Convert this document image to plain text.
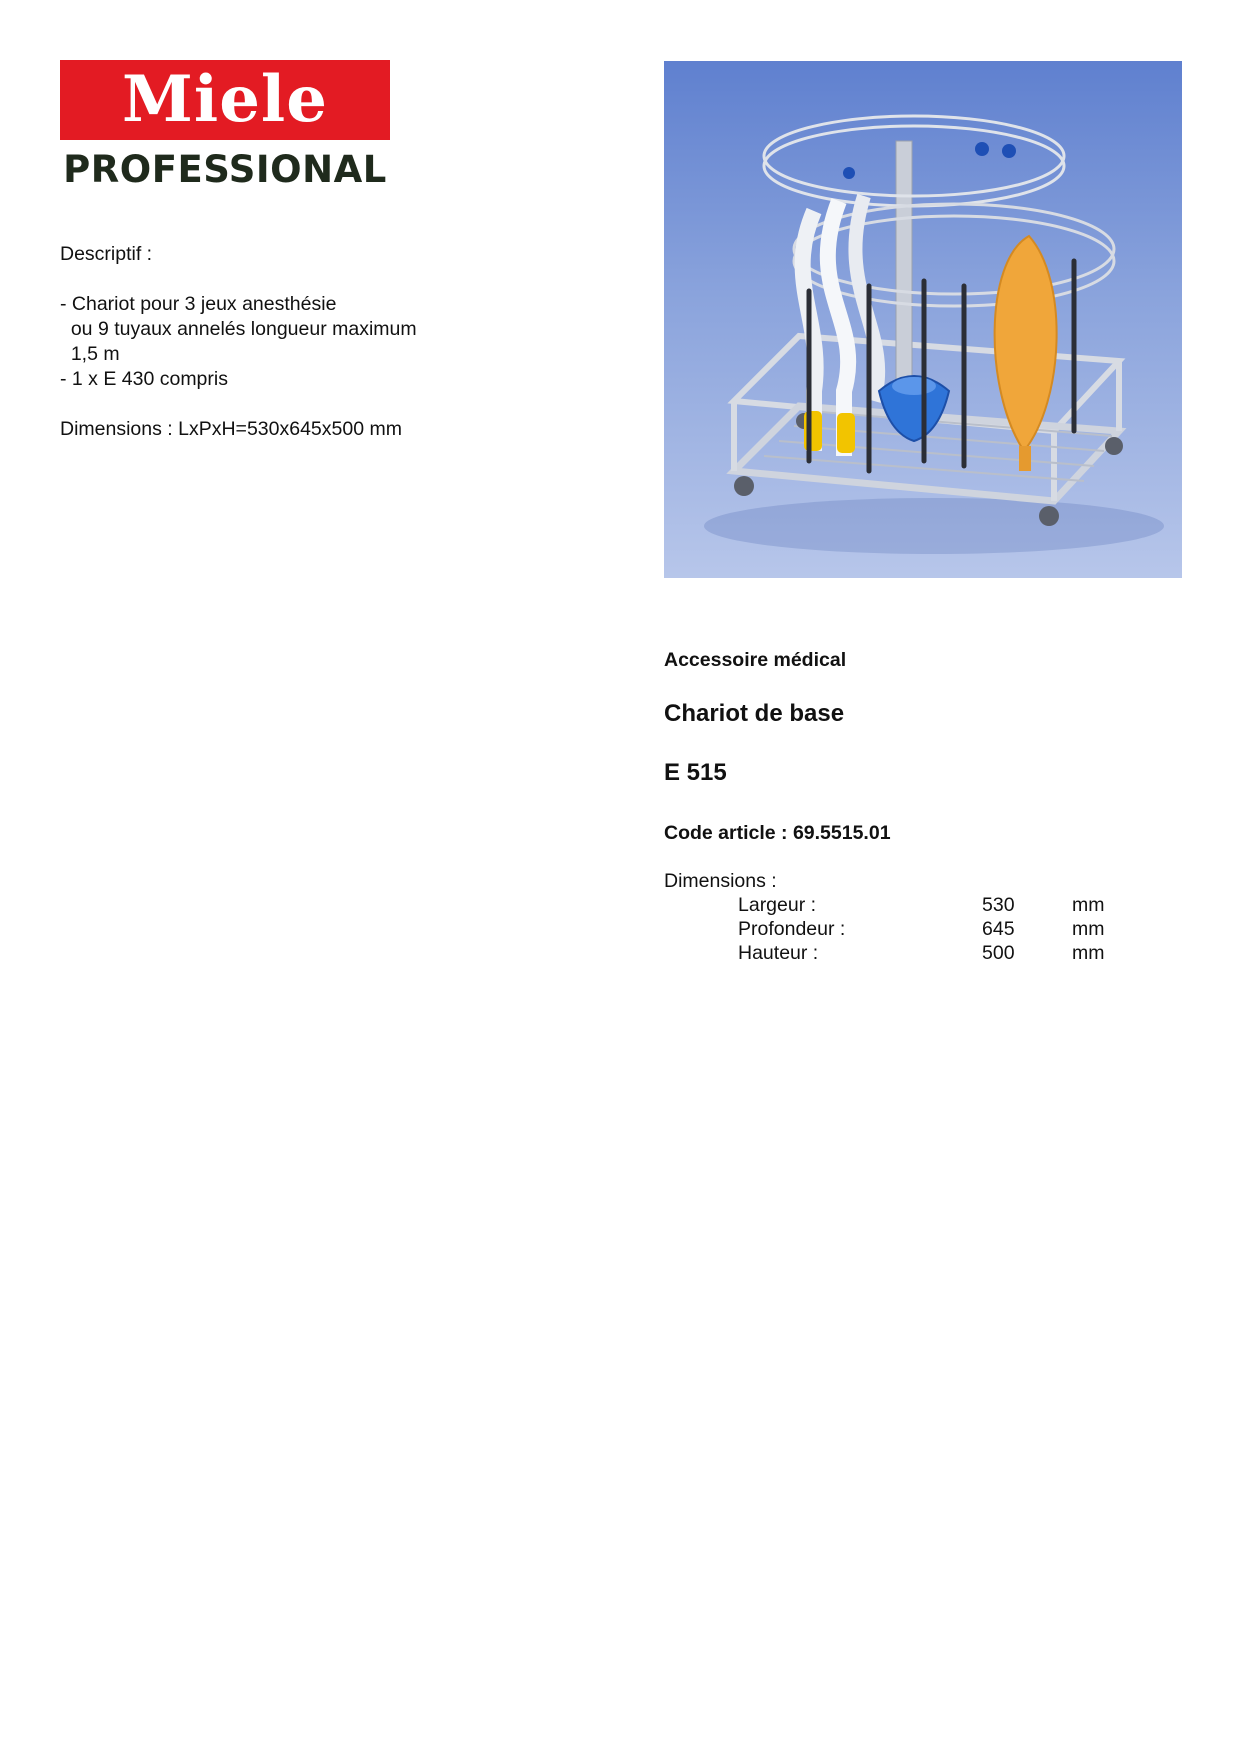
Miele
PROFESSIONAL

Descriptif :

- Chariot pour 3 jeux anesthésie

ou 9 tuyaux annelés longueur maximum

1,5 m

- 1 x E 430 compris

Dimensions : LxPxH=530x645x500 mm

Accessoire médical

Chariot de base

E 515

Code article : 69.5515.01

Dimensions :

Largeur :	530	mm
Profondeur :	645	mm
Hauteur :	500	mm
